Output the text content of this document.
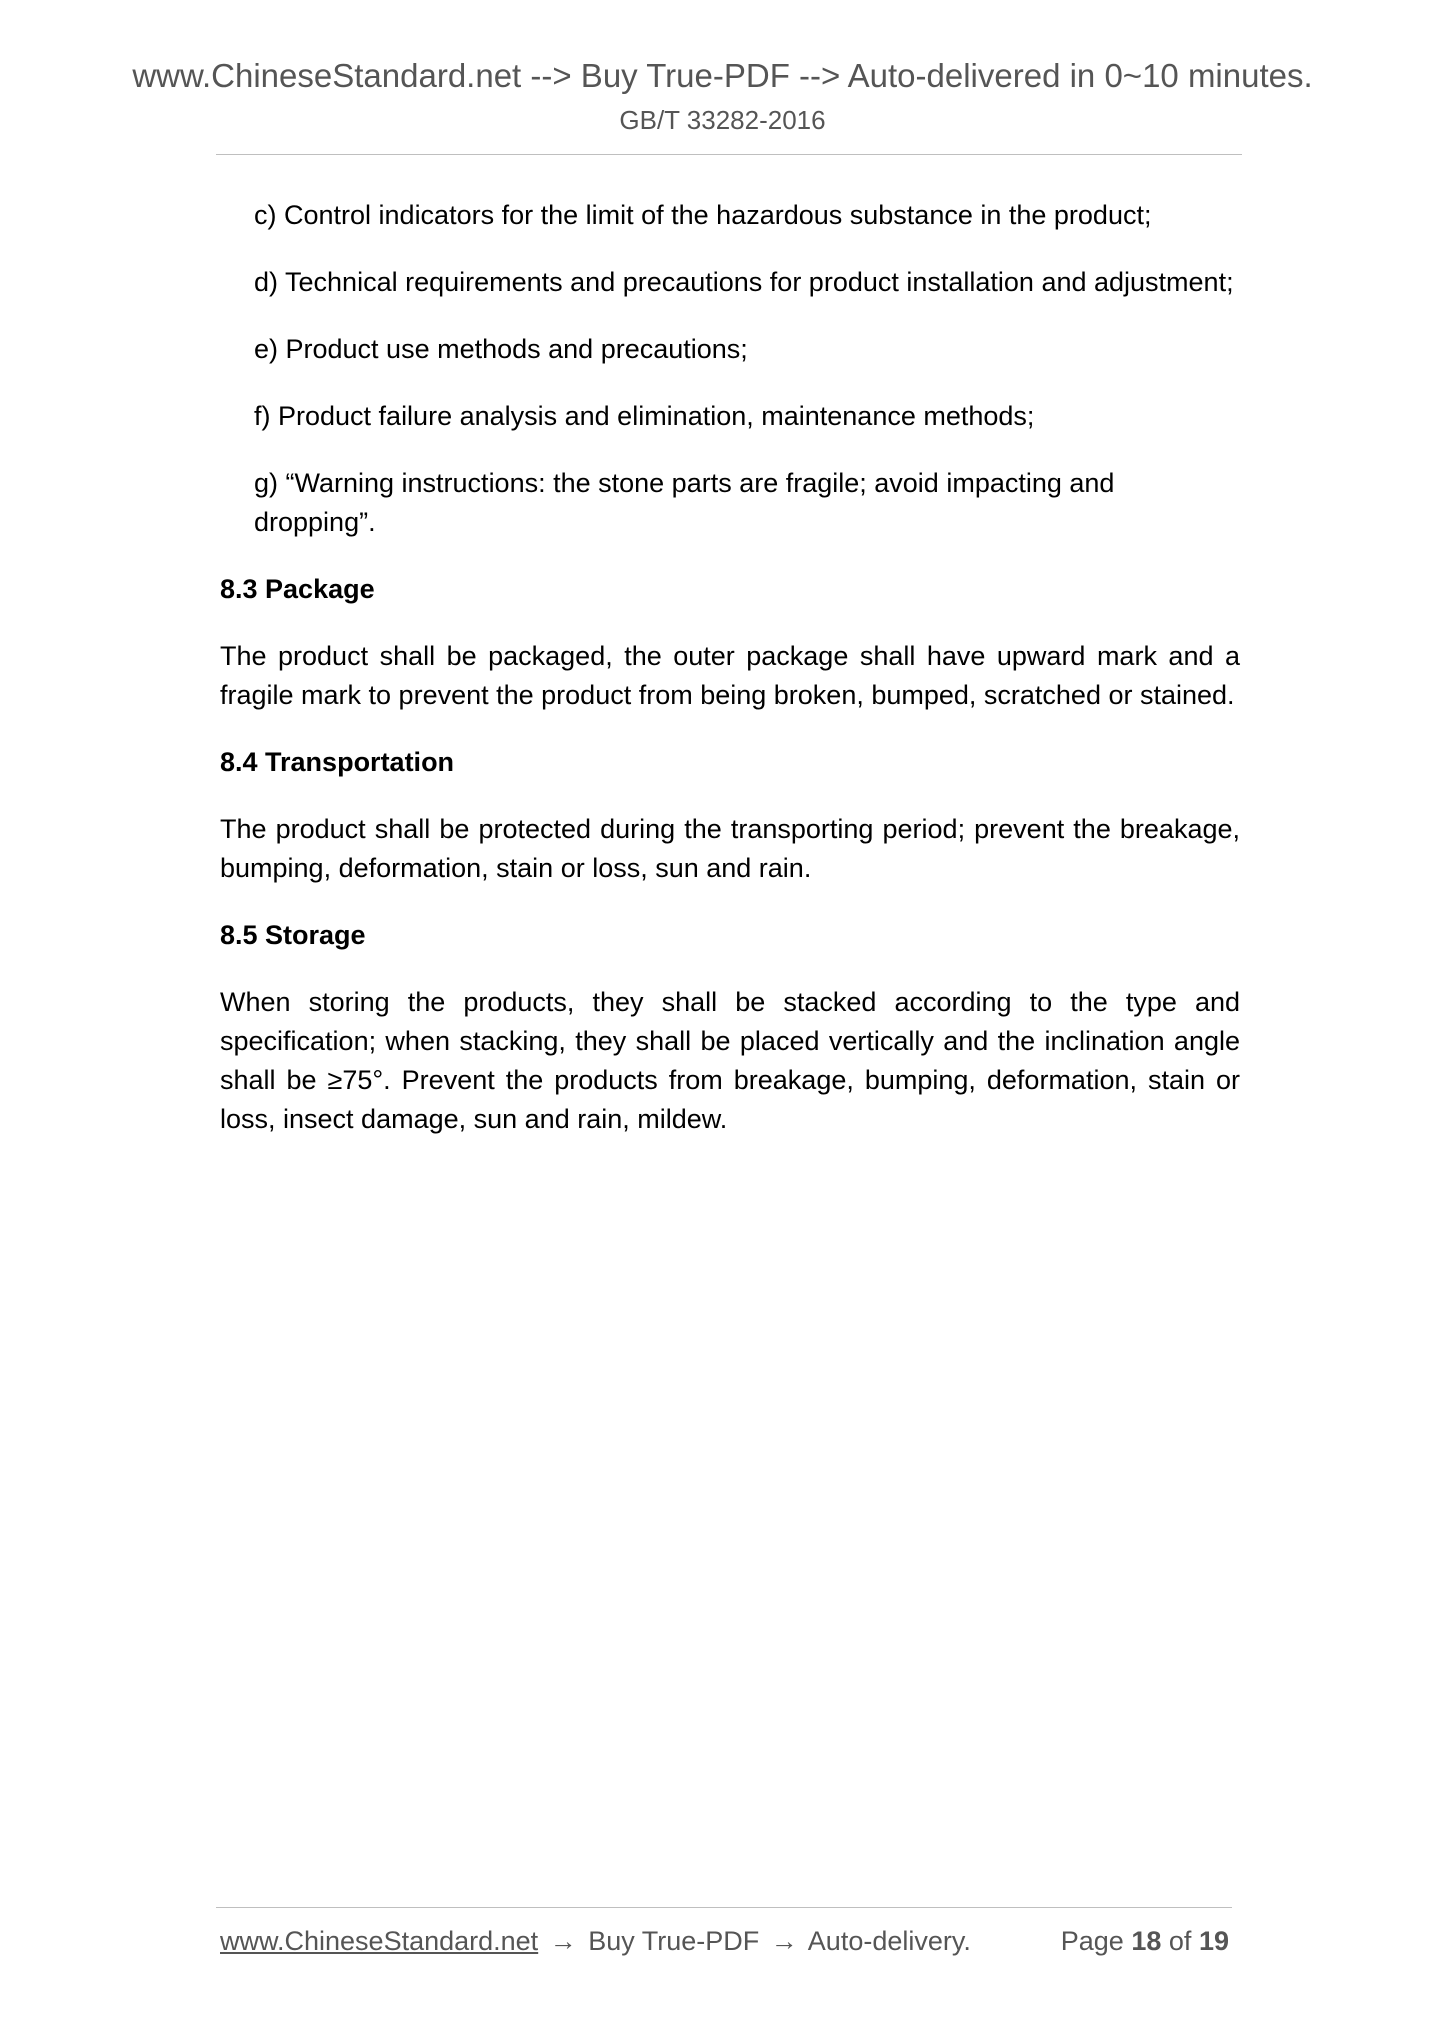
www.ChineseStandard.net --> Buy True-PDF --> Auto-delivered in 0~10 minutes.
GB/T 33282-2016
c) Control indicators for the limit of the hazardous substance in the product;
d) Technical requirements and precautions for product installation and adjustment;
e) Product use methods and precautions;
f) Product failure analysis and elimination, maintenance methods;
g) “Warning instructions: the stone parts are fragile; avoid impacting and dropping”.
8.3 Package
The product shall be packaged, the outer package shall have upward mark and a fragile mark to prevent the product from being broken, bumped, scratched or stained.
8.4 Transportation
The product shall be protected during the transporting period; prevent the breakage, bumping, deformation, stain or loss, sun and rain.
8.5 Storage
When storing the products, they shall be stacked according to the type and specification; when stacking, they shall be placed vertically and the inclination angle shall be ≥75°. Prevent the products from breakage, bumping, deformation, stain or loss, insect damage, sun and rain, mildew.
www.ChineseStandard.net → Buy True-PDF → Auto-delivery.	Page 18 of 19
